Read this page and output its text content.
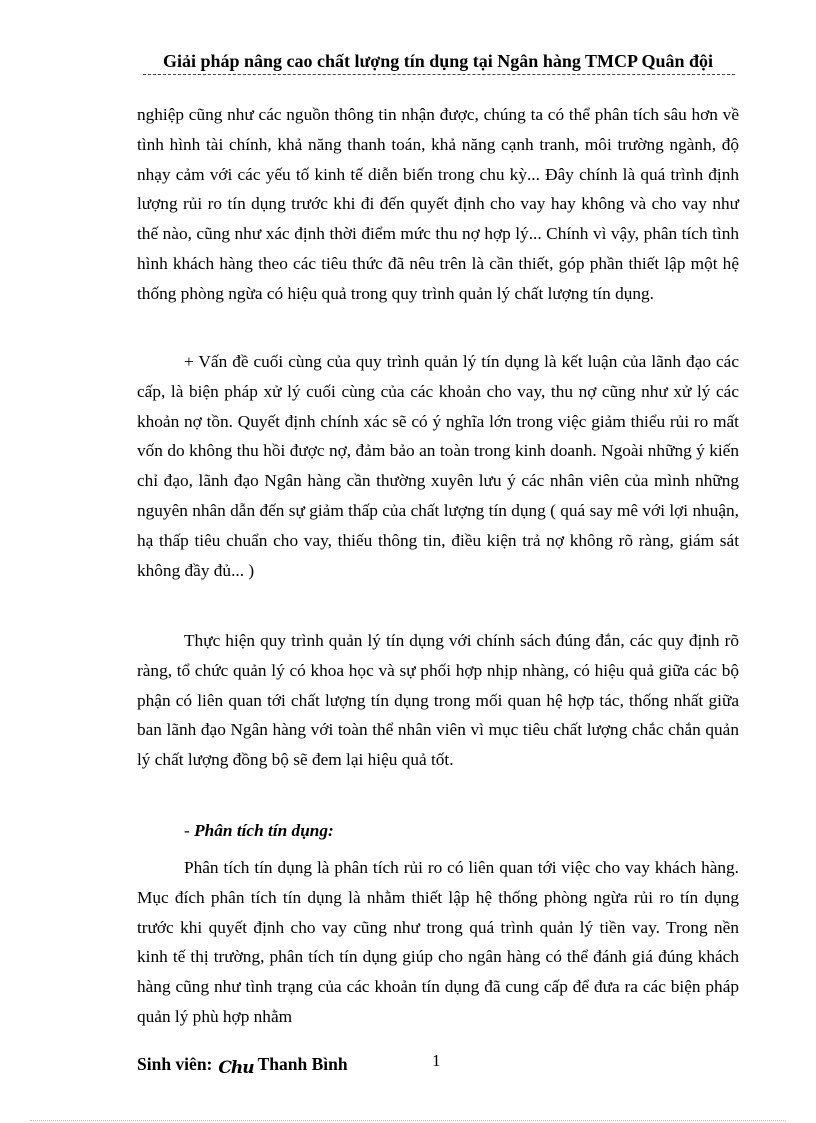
Giải pháp nâng cao chất lượng tín dụng tại Ngân hàng TMCP Quân đội

nghiệp cũng như các nguồn thông tin nhận được, chúng ta có thể phân tích sâu hơn về tình hình tài chính, khả năng thanh toán, khả năng cạnh tranh, môi trường ngành, độ nhạy cảm với các yếu tố kinh tế diễn biến trong chu kỳ... Đây chính là quá trình định lượng rủi ro tín dụng trước khi đi đến quyết định cho vay hay không và cho vay như thế nào, cũng như xác định thời điểm mức thu nợ hợp lý... Chính vì vậy, phân tích tình hình khách hàng theo các tiêu thức đã nêu trên là cần thiết, góp phần thiết lập một hệ thống phòng ngừa có hiệu quả trong quy trình quản lý chất lượng tín dụng.

+ Vấn đề cuối cùng của quy trình quản lý tín dụng là kết luận của lãnh đạo các cấp, là biện pháp xử lý cuối cùng của các khoản cho vay, thu nợ cũng như xử lý các khoản nợ tồn. Quyết định chính xác sẽ có ý nghĩa lớn trong việc giảm thiểu rủi ro mất vốn do không thu hồi được nợ, đảm bảo an toàn trong kinh doanh. Ngoài những ý kiến chỉ đạo, lãnh đạo Ngân hàng cần thường xuyên lưu ý các nhân viên của mình những nguyên nhân dẫn đến sự giảm thấp của chất lượng tín dụng ( quá say mê với lợi nhuận, hạ thấp tiêu chuẩn cho vay, thiếu thông tin, điều kiện trả nợ không rõ ràng, giám sát không đầy đủ... )

Thực hiện quy trình quản lý tín dụng với chính sách đúng đắn, các quy định rõ ràng, tổ chức quản lý có khoa học và sự phối hợp nhịp nhàng, có hiệu quả giữa các bộ phận có liên quan tới chất lượng tín dụng trong mối quan hệ hợp tác, thống nhất giữa ban lãnh đạo Ngân hàng với toàn thể nhân viên vì mục tiêu chất lượng chắc chắn quản lý chất lượng đồng bộ sẽ đem lại hiệu quả tốt.

- Phân tích tín dụng:

Phân tích tín dụng là phân tích rủi ro có liên quan tới việc cho vay khách hàng. Mục đích phân tích tín dụng là nhằm thiết lập hệ thống phòng ngừa rủi ro tín dụng trước khi quyết định cho vay cũng như trong quá trình quản lý tiền vay. Trong nền kinh tế thị trường, phân tích tín dụng giúp cho ngân hàng có thể đánh giá đúng khách hàng cũng như tình trạng của các khoản tín dụng đã cung cấp để đưa ra các biện pháp quản lý phù hợp nhằm

Sinh viên: Chu Thanh Bình	1
